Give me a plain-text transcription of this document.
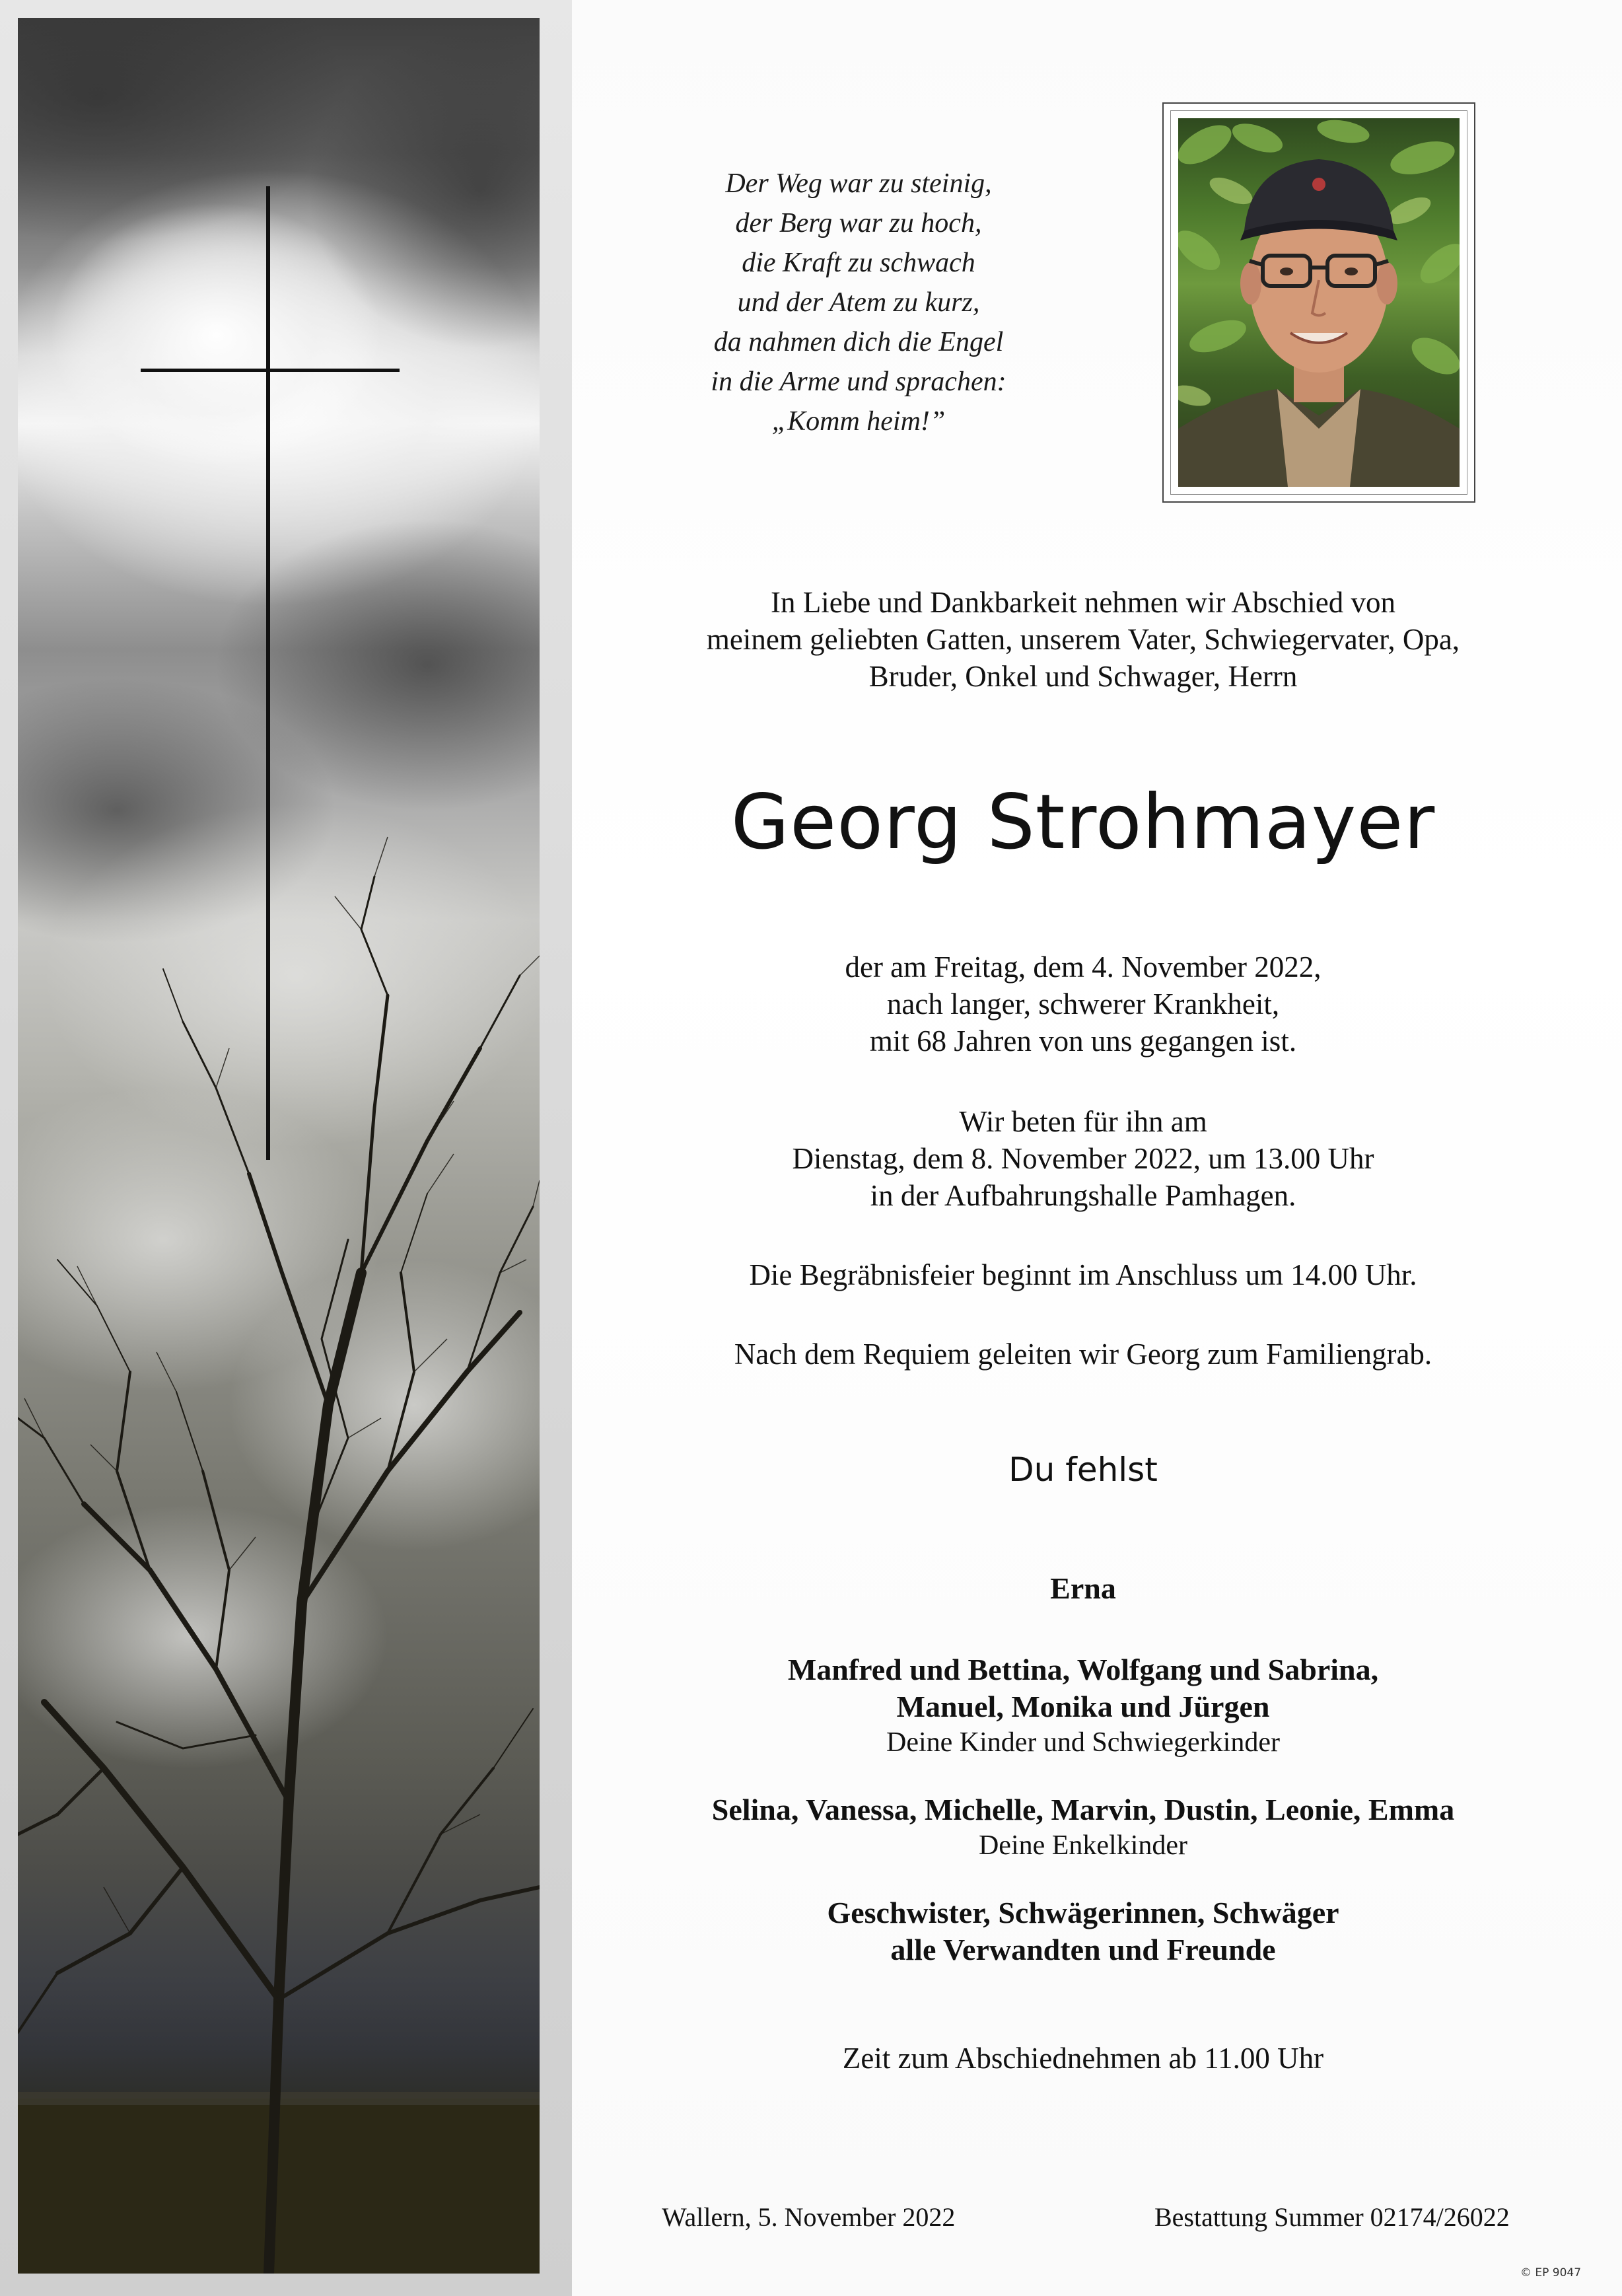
Der Weg war zu steinig,
der Berg war zu hoch,
die Kraft zu schwach
und der Atem zu kurz,
da nahmen dich die Engel
in die Arme und sprachen:
„Komm heim!”
In Liebe und Dankbarkeit nehmen wir Abschied von
meinem geliebten Gatten, unserem Vater, Schwiegervater, Opa,
Bruder, Onkel und Schwager, Herrn
Georg Strohmayer
der am Freitag, dem 4. November 2022,
nach langer, schwerer Krankheit,
mit 68 Jahren von uns gegangen ist.
Wir beten für ihn am
Dienstag, dem 8. November 2022, um 13.00 Uhr
in der Aufbahrungshalle Pamhagen.
Die Begräbnisfeier beginnt im Anschluss um 14.00 Uhr.
Nach dem Requiem geleiten wir Georg zum Familiengrab.
Du fehlst
Erna
Manfred und Bettina, Wolfgang und Sabrina,
Manuel, Monika und Jürgen
Deine Kinder und Schwiegerkinder
Selina, Vanessa, Michelle, Marvin, Dustin, Leonie, Emma
Deine Enkelkinder
Geschwister, Schwägerinnen, Schwäger
alle Verwandten und Freunde
Zeit zum Abschiednehmen ab 11.00 Uhr
Wallern, 5. November 2022	Bestattung Summer 02174/26022
© EP 9047
